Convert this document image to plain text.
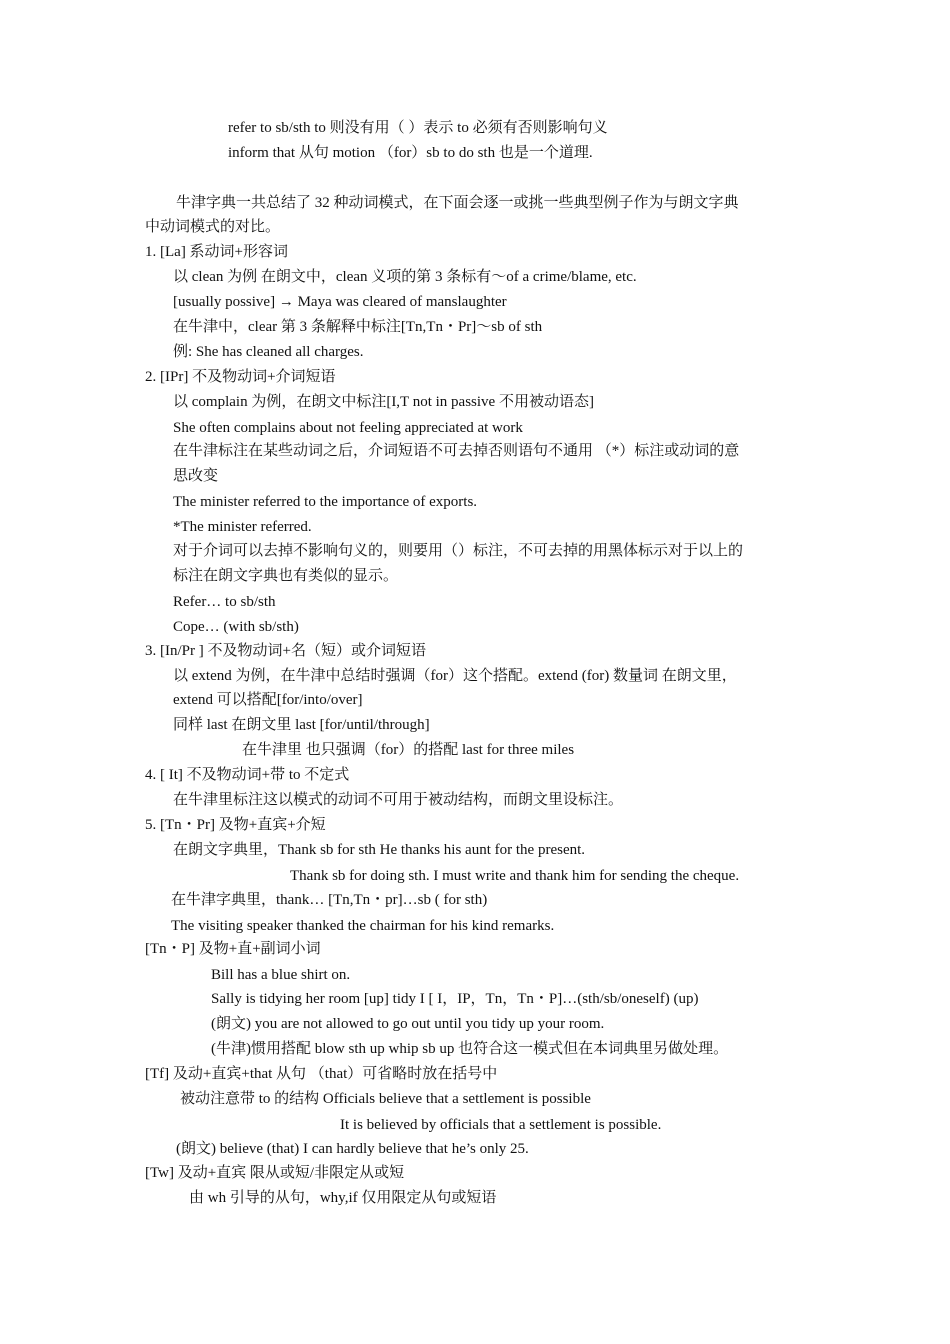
refer to sb/sth to 则没有用（ ）表示 to 必须有否则影响句义
inform that 从句 motion （for）sb to do sth 也是一个道理.
牛津字典一共总结了 32 种动词模式，在下面会逐一或挑一些典型例子作为与朗文字典
中动词模式的对比。
1. [La] 系动词+形容词
以 clean 为例 在朗文中，clean 义项的第 3 条标有～of a crime/blame, etc.
[usually possive] → Maya was cleared of manslaughter
在牛津中，clear 第 3 条解释中标注[Tn,Tn・Pr]～sb of sth
例: She has cleaned all charges.
2. [IPr] 不及物动词+介词短语
以 complain 为例，在朗文中标注[I,T not in passive 不用被动语态]
She often complains about not feeling appreciated at work
在牛津标注在某些动词之后，介词短语不可去掉否则语句不通用 （*）标注或动词的意
思改变
The minister referred to the importance of exports.
*The minister referred.
对于介词可以去掉不影响句义的，则要用（）标注，不可去掉的用黑体标示对于以上的
标注在朗文字典也有类似的显示。
Refer… to sb/sth
Cope… (with sb/sth)
3. [In/Pr ] 不及物动词+名（短）或介词短语
以 extend 为例，在牛津中总结时强调（for）这个搭配。extend (for) 数量词 在朗文里，
extend 可以搭配[for/into/over]
同样 last 在朗文里 last [for/until/through]
在牛津里 也只强调（for）的搭配 last for three miles
4. [ It] 不及物动词+带 to 不定式
在牛津里标注这以模式的动词不可用于被动结构，而朗文里设标注。
5. [Tn・Pr] 及物+直宾+介短
在朗文字典里，Thank sb for sth He thanks his aunt for the present.
Thank sb for doing sth. I must write and thank him for sending the cheque.
在牛津字典里，thank… [Tn,Tn・pr]…sb ( for sth)
The visiting speaker thanked the chairman for his kind remarks.
[Tn・P] 及物+直+副词小词
Bill has a blue shirt on.
Sally is tidying her room [up] tidy I [ I，IP，Tn，Tn・P]…(sth/sb/oneself) (up)
(朗文) you are not allowed to go out until you tidy up your room.
(牛津)惯用搭配 blow sth up whip sb up 也符合这一模式但在本词典里另做处理。
[Tf] 及动+直宾+that 从句 （that）可省略时放在括号中
被动注意带 to 的结构 Officials believe that a settlement is possible
It is believed by officials that a settlement is possible.
(朗文) believe (that) I can hardly believe that he’s only 25.
[Tw] 及动+直宾 限从或短/非限定从或短
由 wh 引导的从句，why,if 仅用限定从句或短语
